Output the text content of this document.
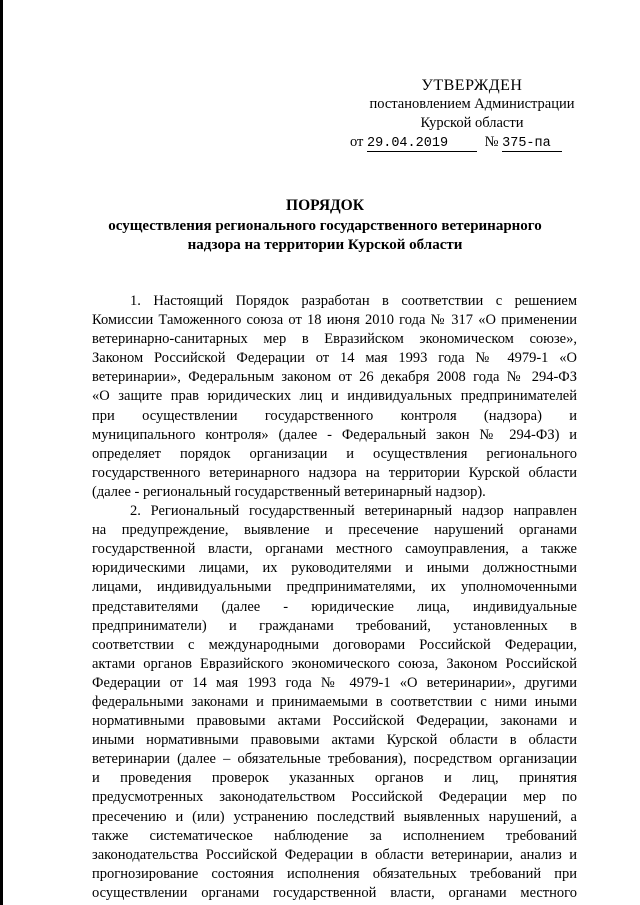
УТВЕРЖДЕН
постановлением Администрации
Курской области
от 29.04.2019	№ 375-па
ПОРЯДОК
осуществления регионального государственного ветеринарного
надзора на территории Курской области
1. Настоящий Порядок разработан в соответствии с решением
Комиссии Таможенного союза от 18 июня 2010 года № 317 «О применении
ветеринарно-санитарных мер в Евразийском экономическом союзе»,
Законом Российской Федерации от 14 мая 1993 года № 4979-1 «О
ветеринарии», Федеральным законом от 26 декабря 2008 года № 294-ФЗ
«О защите прав юридических лиц и индивидуальных предпринимателей
при осуществлении государственного контроля (надзора) и
муниципального контроля» (далее - Федеральный закон № 294-ФЗ) и
определяет порядок организации и осуществления регионального
государственного ветеринарного надзора на территории Курской области
(далее - региональный государственный ветеринарный надзор).
2. Региональный государственный ветеринарный надзор направлен
на предупреждение, выявление и пресечение нарушений органами
государственной власти, органами местного самоуправления, а также
юридическими лицами, их руководителями и иными должностными
лицами, индивидуальными предпринимателями, их уполномоченными
представителями (далее - юридические лица, индивидуальные
предприниматели) и гражданами требований, установленных в
соответствии с международными договорами Российской Федерации,
актами органов Евразийского экономического союза, Законом Российской
Федерации от 14 мая 1993 года № 4979-1 «О ветеринарии», другими
федеральными законами и принимаемыми в соответствии с ними иными
нормативными правовыми актами Российской Федерации, законами и
иными нормативными правовыми актами Курской области в области
ветеринарии (далее – обязательные требования), посредством организации
и проведения проверок указанных органов и лиц, принятия
предусмотренных законодательством Российской Федерации мер по
пресечению и (или) устранению последствий выявленных нарушений, а
также систематическое наблюдение за исполнением требований
законодательства Российской Федерации в области ветеринарии, анализ и
прогнозирование состояния исполнения обязательных требований при
осуществлении органами государственной власти, органами местного
